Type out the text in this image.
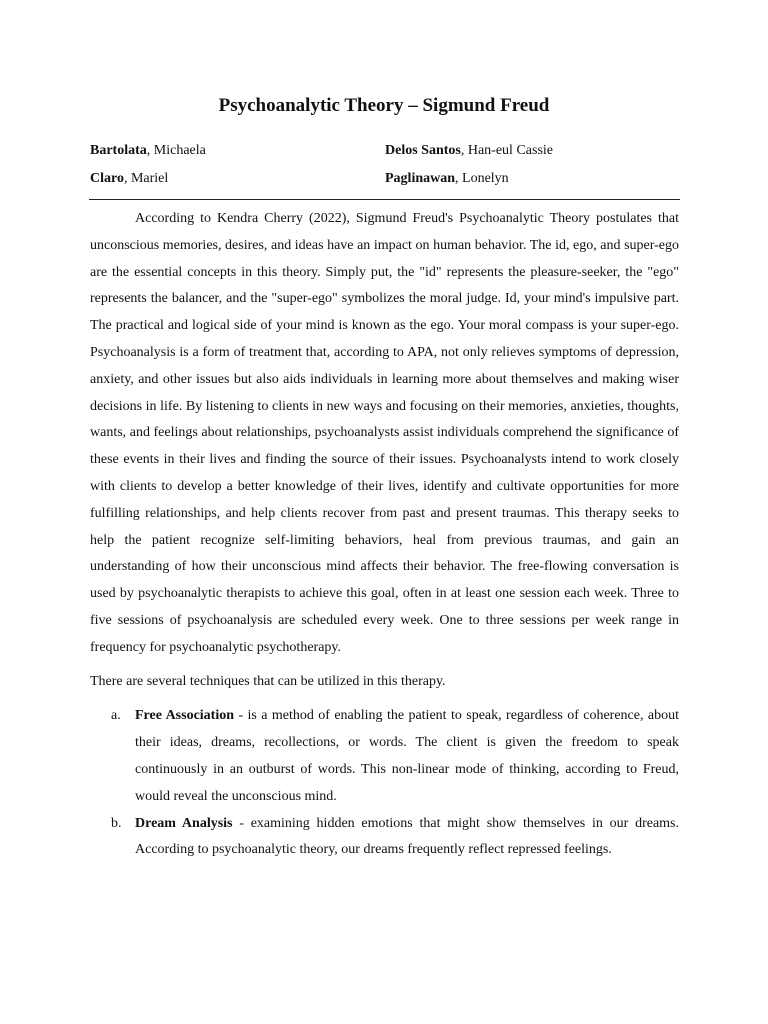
Psychoanalytic Theory – Sigmund Freud
Bartolata, Michaela	Delos Santos, Han-eul Cassie
Claro, Mariel	Paglinawan, Lonelyn

According to Kendra Cherry (2022), Sigmund Freud's Psychoanalytic Theory postulates that unconscious memories, desires, and ideas have an impact on human behavior. The id, ego, and super-ego are the essential concepts in this theory. Simply put, the "id" represents the pleasure-seeker, the "ego" represents the balancer, and the "super-ego" symbolizes the moral judge. Id, your mind's impulsive part. The practical and logical side of your mind is known as the ego. Your moral compass is your super-ego. Psychoanalysis is a form of treatment that, according to APA, not only relieves symptoms of depression, anxiety, and other issues but also aids individuals in learning more about themselves and making wiser decisions in life. By listening to clients in new ways and focusing on their memories, anxieties, thoughts, wants, and feelings about relationships, psychoanalysts assist individuals comprehend the significance of these events in their lives and finding the source of their issues. Psychoanalysts intend to work closely with clients to develop a better knowledge of their lives, identify and cultivate opportunities for more fulfilling relationships, and help clients recover from past and present traumas. This therapy seeks to help the patient recognize self-limiting behaviors, heal from previous traumas, and gain an understanding of how their unconscious mind affects their behavior. The free-flowing conversation is used by psychoanalytic therapists to achieve this goal, often in at least one session each week. Three to five sessions of psychoanalysis are scheduled every week. One to three sessions per week range in frequency for psychoanalytic psychotherapy.

There are several techniques that can be utilized in this therapy.

a. Free Association - is a method of enabling the patient to speak, regardless of coherence, about their ideas, dreams, recollections, or words. The client is given the freedom to speak continuously in an outburst of words. This non-linear mode of thinking, according to Freud, would reveal the unconscious mind.
b. Dream Analysis - examining hidden emotions that might show themselves in our dreams. According to psychoanalytic theory, our dreams frequently reflect repressed feelings.
